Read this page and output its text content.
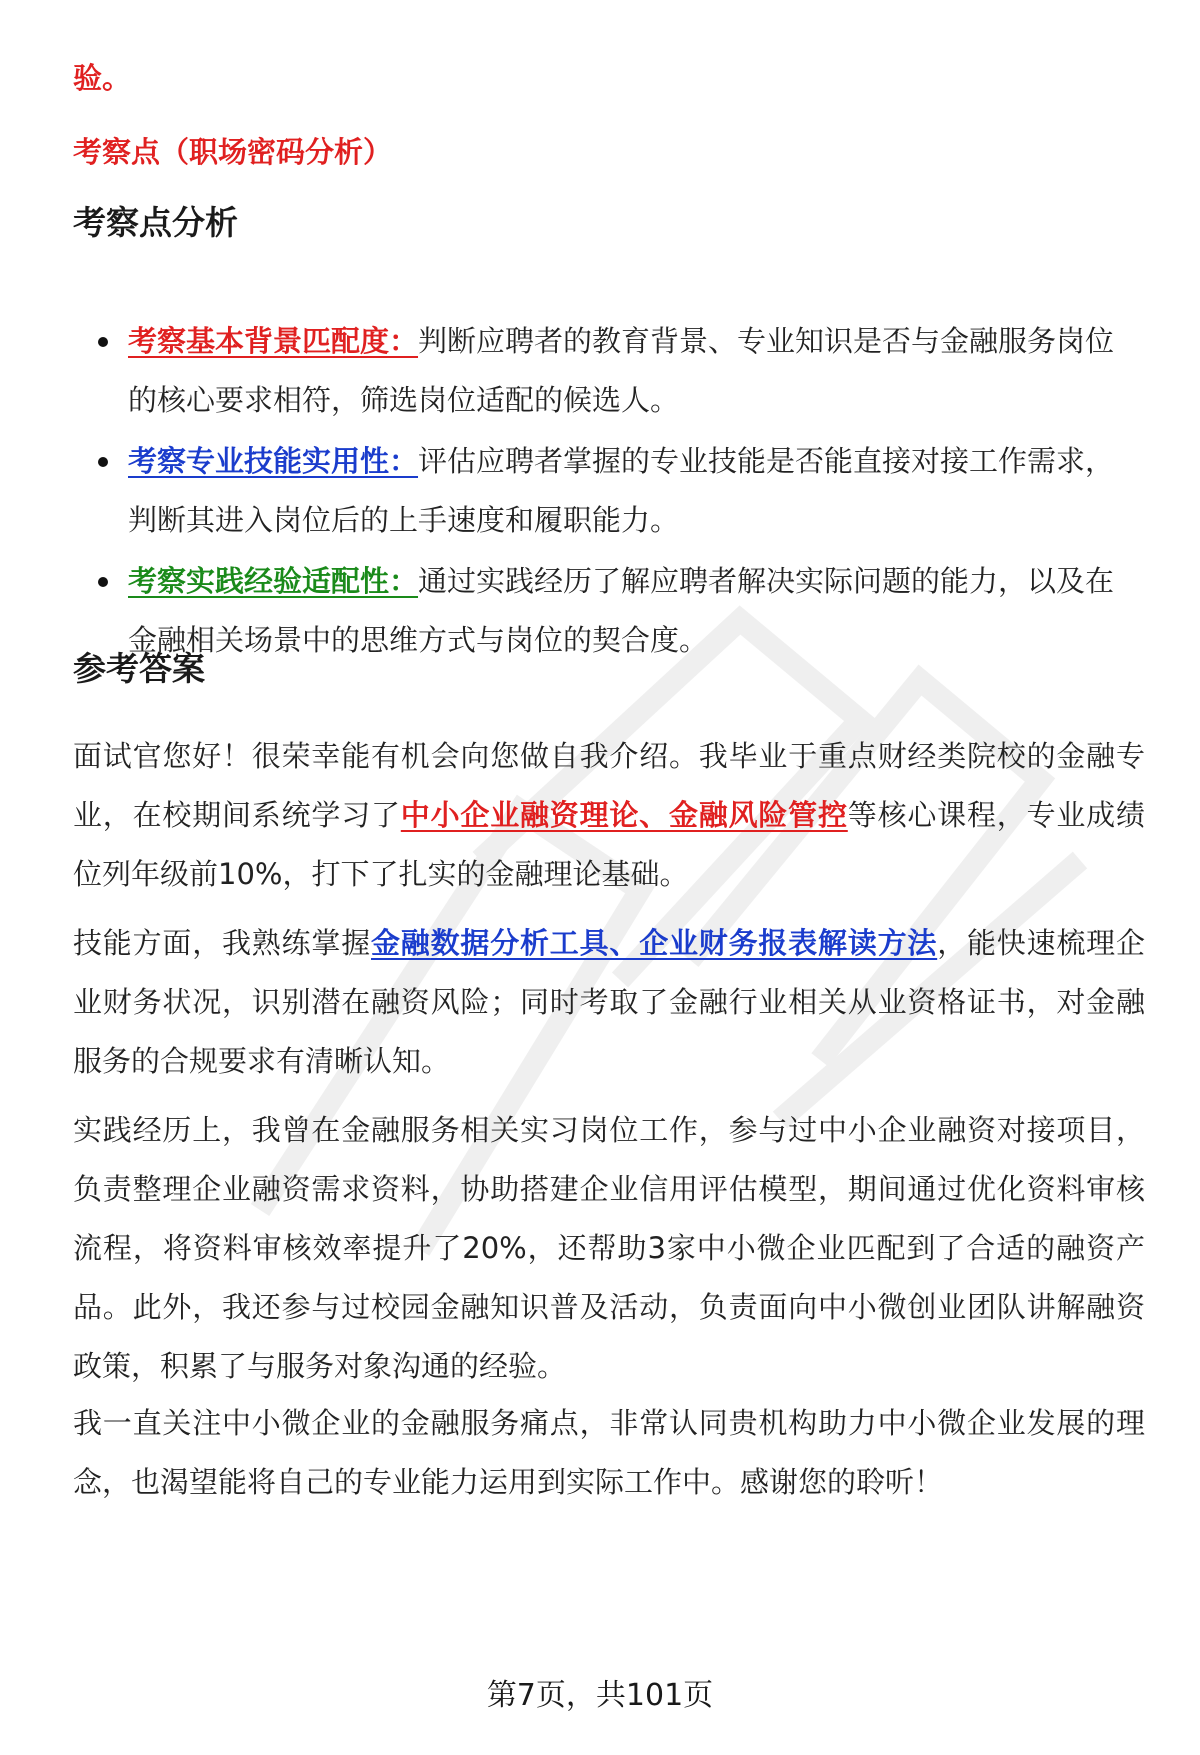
验。

考察点（职场密码分析）

考察点分析
考察基本背景匹配度：判断应聘者的教育背景、专业知识是否与金融服务岗位的核心要求相符，筛选岗位适配的候选人。
考察专业技能实用性：评估应聘者掌握的专业技能是否能直接对接工作需求，判断其进入岗位后的上手速度和履职能力。
考察实践经验适配性：通过实践经历了解应聘者解决实际问题的能力，以及在金融相关场景中的思维方式与岗位的契合度。
参考答案

面试官您好！很荣幸能有机会向您做自我介绍。我毕业于重点财经类院校的金融专业，在校期间系统学习了中小企业融资理论、金融风险管控等核心课程，专业成绩位列年级前10%，打下了扎实的金融理论基础。

技能方面，我熟练掌握金融数据分析工具、企业财务报表解读方法，能快速梳理企业财务状况，识别潜在融资风险；同时考取了金融行业相关从业资格证书，对金融服务的合规要求有清晰认知。

实践经历上，我曾在金融服务相关实习岗位工作，参与过中小企业融资对接项目，负责整理企业融资需求资料，协助搭建企业信用评估模型，期间通过优化资料审核流程，将资料审核效率提升了20%，还帮助3家中小微企业匹配到了合适的融资产品。此外，我还参与过校园金融知识普及活动，负责面向中小微创业团队讲解融资政策，积累了与服务对象沟通的经验。

我一直关注中小微企业的金融服务痛点，非常认同贵机构助力中小微企业发展的理念，也渴望能将自己的专业能力运用到实际工作中。感谢您的聆听！

第7页，共101页
